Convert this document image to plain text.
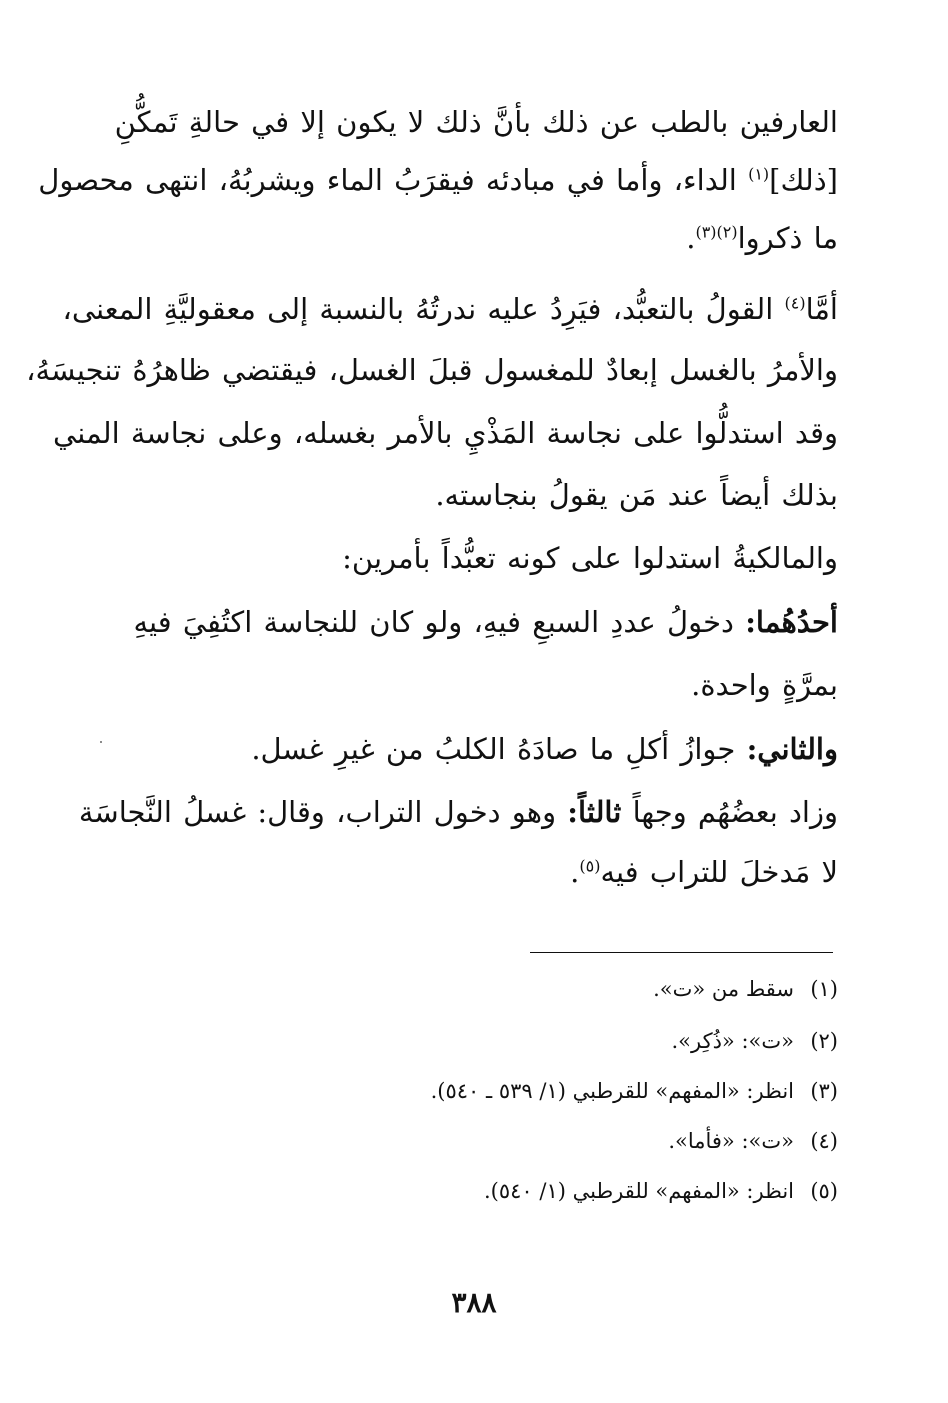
العارفين بالطب عن ذلك بأنَّ ذلك لا يكون إلا في حالةِ تَمكُّنِ
[ذلك]$^{(١)}$ الداء، وأما في مبادئه فيقرَبُ الماء ويشربُهُ، انتهى محصول
ما ذكروا$^{(٢)(٣)}$.
أمَّا$^{(٤)}$ القولُ بالتعبُّد، فيَرِدُ عليه ندرتُهُ بالنسبة إلى معقوليَّةِ المعنى،
والأمرُ بالغسل إبعادٌ للمغسول قبلَ الغسل، فيقتضي ظاهرُهُ تنجيسَهُ،
وقد استدلُّوا على نجاسة المَذْيِ بالأمر بغسله، وعلى نجاسة المني
بذلك أيضاً عند مَن يقولُ بنجاسته.
والمالكيةُ استدلوا على كونه تعبُّداً بأمرين:
أحدُهُما: دخولُ عددِ السبعِ فيهِ، ولو كان للنجاسة اكتُفِيَ فيهِ
بمرَّةٍ واحدة.
والثاني: جوازُ أكلِ ما صادَهُ الكلبُ من غيرِ غسل.
وزاد بعضُهُم وجهاً ثالثاً: وهو دخول التراب، وقال: غسلُ النَّجاسَة
لا مَدخلَ للتراب فيه$^{(٥)}$.
(١)سقط من «ت».
(٢)«ت»: «ذُكِر».
(٣)انظر: «المفهم» للقرطبي (١/ ٥٣٩ ـ ٥٤٠).
(٤)«ت»: «فأما».
(٥)انظر: «المفهم» للقرطبي (١/ ٥٤٠).
٣٨٨
